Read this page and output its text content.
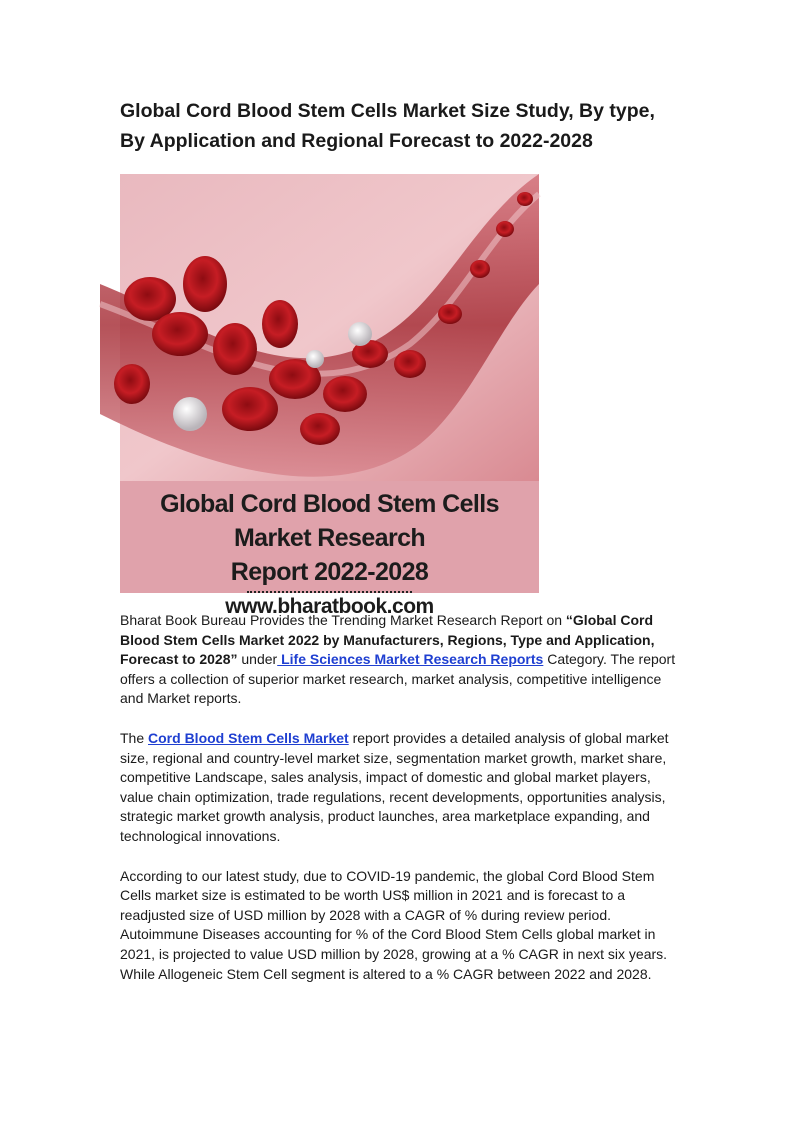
Global Cord Blood Stem Cells Market Size Study, By type, By Application and Regional Forecast to 2022-2028
Global Cord Blood Stem Cells Market Research
Report 2022-2028
www.bharatbook.com

Bharat Book Bureau Provides the Trending Market Research Report on “Global Cord Blood Stem Cells Market 2022 by Manufacturers, Regions, Type and Application, Forecast to 2028” under Life Sciences Market Research Reports Category. The report offers a collection of superior market research, market analysis, competitive intelligence and Market reports.

The Cord Blood Stem Cells Market report provides a detailed analysis of global market size, regional and country-level market size, segmentation market growth, market share, competitive Landscape, sales analysis, impact of domestic and global market players, value chain optimization, trade regulations, recent developments, opportunities analysis, strategic market growth analysis, product launches, area marketplace expanding, and technological innovations.

According to our latest study, due to COVID-19 pandemic, the global Cord Blood Stem Cells market size is estimated to be worth US$ million in 2021 and is forecast to a readjusted size of USD million by 2028 with a CAGR of % during review period. Autoimmune Diseases accounting for % of the Cord Blood Stem Cells global market in 2021, is projected to value USD million by 2028, growing at a % CAGR in next six years. While Allogeneic Stem Cell segment is altered to a % CAGR between 2022 and 2028.
